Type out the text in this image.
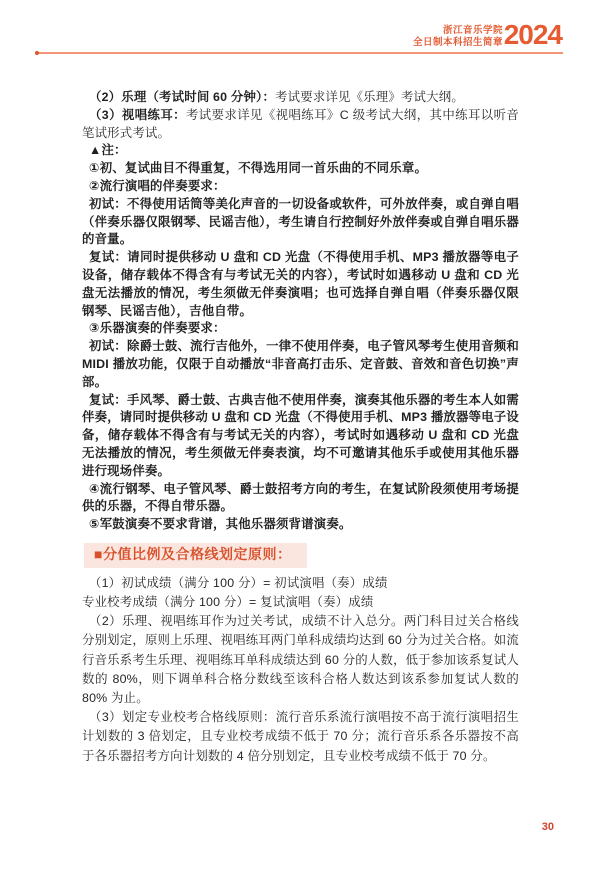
浙江音乐学院
全日制本科招生简章 2024

（2）乐理（考试时间 60 分钟）：考试要求详见《乐理》考试大纲。

（3）视唱练耳：考试要求详见《视唱练耳》C 级考试大纲，其中练耳以听音笔试形式考试。

▲注：

①初、复试曲目不得重复，不得选用同一首乐曲的不同乐章。

②流行演唱的伴奏要求：

初试：不得使用话筒等美化声音的一切设备或软件，可外放伴奏，或自弹自唱（伴奏乐器仅限钢琴、民谣吉他），考生请自行控制好外放伴奏或自弹自唱乐器的音量。

复试：请同时提供移动 U 盘和 CD 光盘（不得使用手机、MP3 播放器等电子设备，储存载体不得含有与考试无关的内容），考试时如遇移动 U 盘和 CD 光盘无法播放的情况，考生须做无伴奏演唱；也可选择自弹自唱（伴奏乐器仅限钢琴、民谣吉他），吉他自带。

③乐器演奏的伴奏要求：

初试：除爵士鼓、流行吉他外，一律不使用伴奏，电子管风琴考生使用音频和 MIDI 播放功能，仅限于自动播放“非音高打击乐、定音鼓、音效和音色切换”声部。

复试：手风琴、爵士鼓、古典吉他不使用伴奏，演奏其他乐器的考生本人如需伴奏，请同时提供移动 U 盘和 CD 光盘（不得使用手机、MP3 播放器等电子设备，储存载体不得含有与考试无关的内容），考试时如遇移动 U 盘和 CD 光盘无法播放的情况，考生须做无伴奏表演，均不可邀请其他乐手或使用其他乐器进行现场伴奏。

④流行钢琴、电子管风琴、爵士鼓招考方向的考生，在复试阶段须使用考场提供的乐器，不得自带乐器。

⑤军鼓演奏不要求背谱，其他乐器须背谱演奏。

■分值比例及合格线划定原则：

（1）初试成绩（满分 100 分）= 初试演唱（奏）成绩

专业校考成绩（满分 100 分）= 复试演唱（奏）成绩

（2）乐理、视唱练耳作为过关考试，成绩不计入总分。两门科目过关合格线分别划定，原则上乐理、视唱练耳两门单科成绩均达到 60 分为过关合格。如流行音乐系考生乐理、视唱练耳单科成绩达到 60 分的人数，低于参加该系复试人数的 80%，则下调单科合格分数线至该科合格人数达到该系参加复试人数的 80% 为止。

（3）划定专业校考合格线原则：流行音乐系流行演唱按不高于流行演唱招生计划数的 3 倍划定，且专业校考成绩不低于 70 分；流行音乐系各乐器按不高于各乐器招考方向计划数的 4 倍分别划定，且专业校考成绩不低于 70 分。

30
